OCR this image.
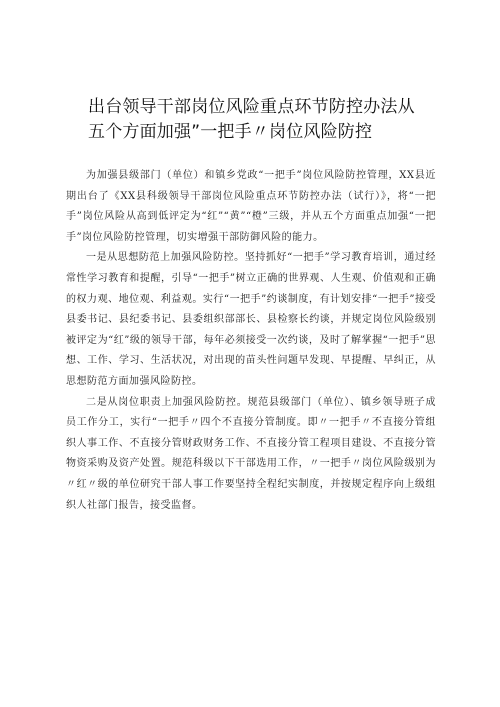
出台领导干部岗位风险重点环节防控办法从五个方面加强”一把手〃岗位风险防控

为加强县级部门（单位）和镇乡党政“一把手”岗位风险防控管理，XX县近期出台了《XX县科级领导干部岗位风险重点环节防控办法（试行）》，将“一把手”岗位风险从高到低评定为“红”“黄”“橙”三级，并从五个方面重点加强“一把手”岗位风险防控管理，切实增强干部防御风险的能力。

一是从思想防范上加强风险防控。坚持抓好“一把手”学习教育培训，通过经常性学习教育和提醒，引导“一把手”树立正确的世界观、人生观、价值观和正确的权力观、地位观、利益观。实行“一把手”约谈制度，有计划安排“一把手”接受县委书记、县纪委书记、县委组织部部长、县检察长约谈，并规定岗位风险级别被评定为“红”级的领导干部，每年必须接受一次约谈，及时了解掌握“一把手”思想、工作、学习、生活状况，对出现的苗头性问题早发现、早提醒、早纠正，从思想防范方面加强风险防控。

二是从岗位职责上加强风险防控。规范县级部门（单位）、镇乡领导班子成员工作分工，实行“一把手〃四个不直接分管制度。即〃一把手〃不直接分管组织人事工作、不直接分管财政财务工作、不直接分管工程项目建设、不直接分管物资采购及资产处置。规范科级以下干部选用工作，〃一把手〃岗位风险级别为〃红〃级的单位研究干部人事工作要坚持全程纪实制度，并按规定程序向上级组织人社部门报告，接受监督。
